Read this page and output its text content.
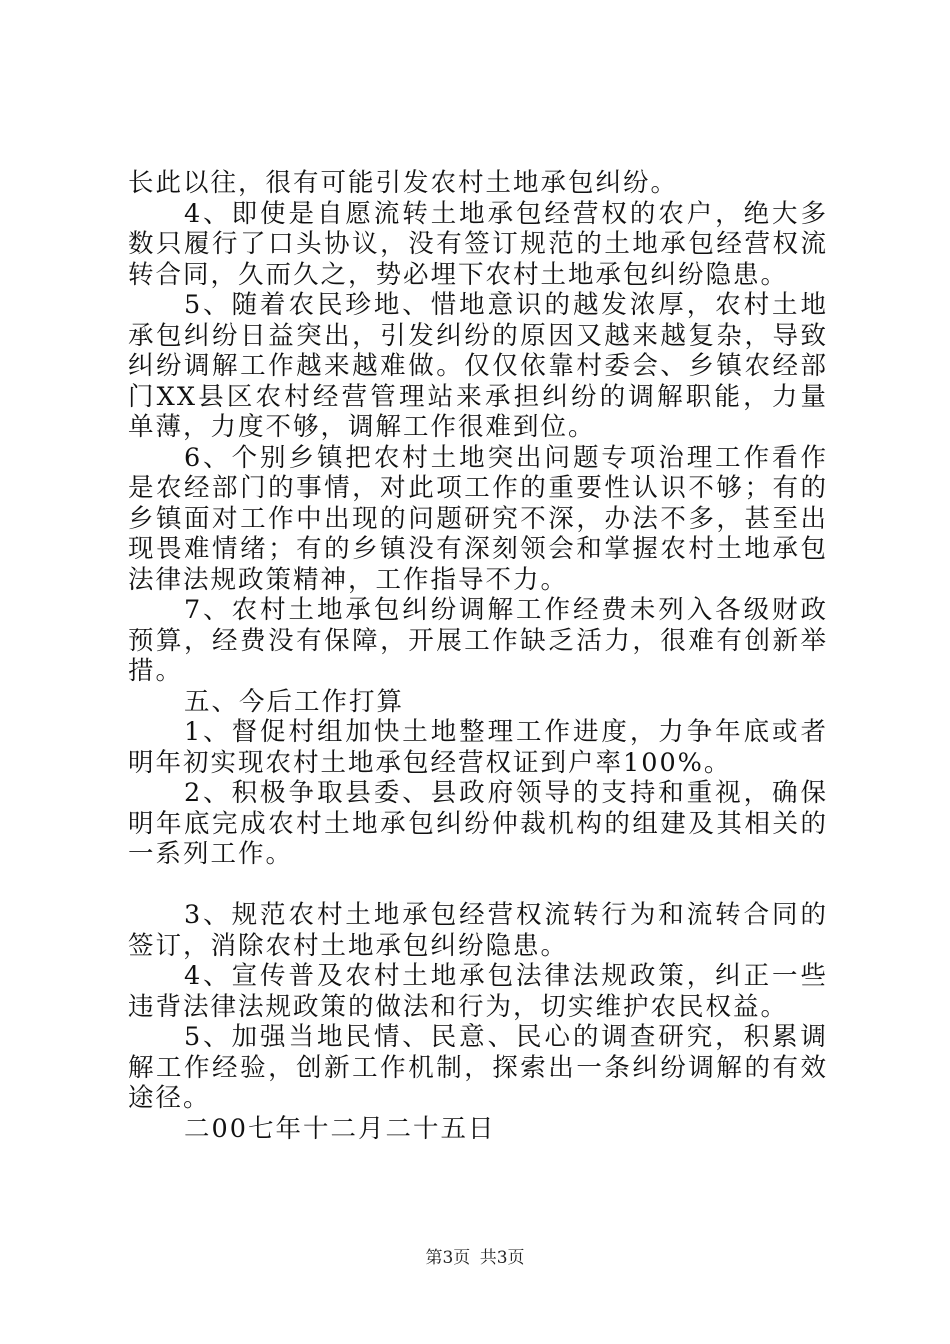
长此以往，很有可能引发农村土地承包纠纷。

4、即使是自愿流转土地承包经营权的农户，绝大多数只履行了口头协议，没有签订规范的土地承包经营权流转合同，久而久之，势必埋下农村土地承包纠纷隐患。

5、随着农民珍地、惜地意识的越发浓厚，农村土地承包纠纷日益突出，引发纠纷的原因又越来越复杂，导致纠纷调解工作越来越难做。仅仅依靠村委会、乡镇农经部门XX县区农村经营管理站来承担纠纷的调解职能，力量单薄，力度不够，调解工作很难到位。

6、个别乡镇把农村土地突出问题专项治理工作看作是农经部门的事情，对此项工作的重要性认识不够；有的乡镇面对工作中出现的问题研究不深，办法不多，甚至出现畏难情绪；有的乡镇没有深刻领会和掌握农村土地承包法律法规政策精神，工作指导不力。

7、农村土地承包纠纷调解工作经费未列入各级财政预算，经费没有保障，开展工作缺乏活力，很难有创新举措。

五、今后工作打算

1、督促村组加快土地整理工作进度，力争年底或者明年初实现农村土地承包经营权证到户率100%。

2、积极争取县委、县政府领导的支持和重视，确保明年底完成农村土地承包纠纷仲裁机构的组建及其相关的一系列工作。

3、规范农村土地承包经营权流转行为和流转合同的签订，消除农村土地承包纠纷隐患。

4、宣传普及农村土地承包法律法规政策，纠正一些违背法律法规政策的做法和行为，切实维护农民权益。

5、加强当地民情、民意、民心的调查研究，积累调解工作经验，创新工作机制，探索出一条纠纷调解的有效途径。

二00七年十二月二十五日

第3页 共3页
